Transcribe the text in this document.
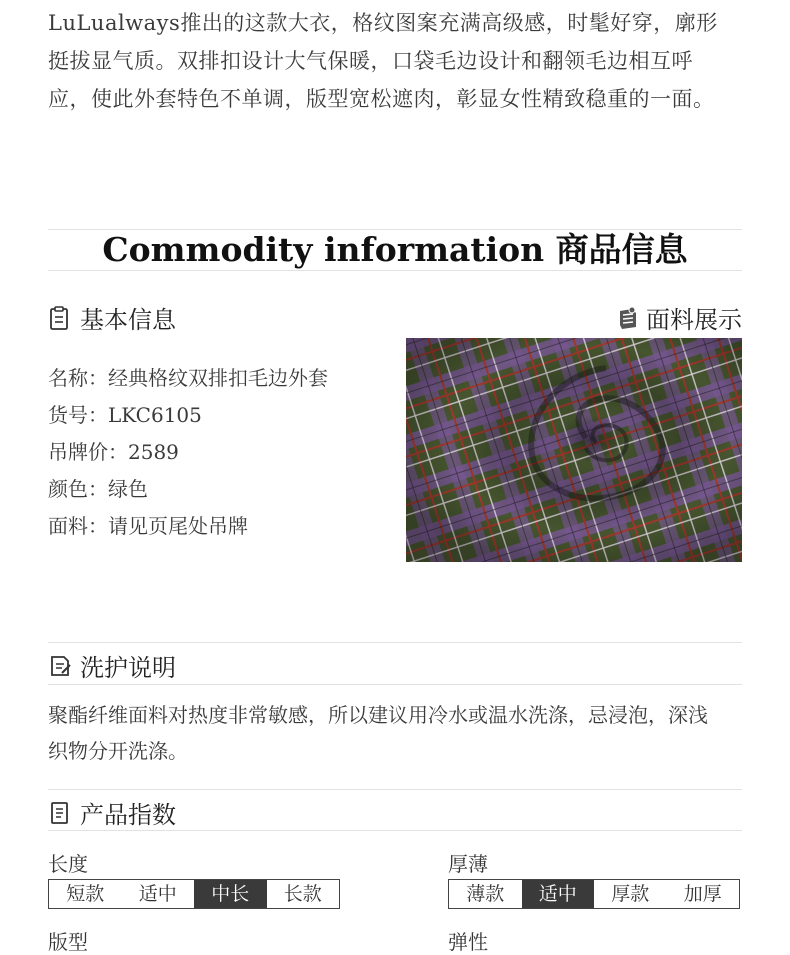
LuLualways推出的这款大衣，格纹图案充满高级感，时髦好穿，廓形
挺拔显气质。双排扣设计大气保暖，口袋毛边设计和翻领毛边相互呼
应，使此外套特色不单调，版型宽松遮肉，彰显女性精致稳重的一面。
Commodity information 商品信息
基本信息	面料展示
名称：经典格纹双排扣毛边外套
货号：LKC6105
吊牌价：2589
颜色：绿色
面料：请见页尾处吊牌
洗护说明
聚酯纤维面料对热度非常敏感，所以建议用冷水或温水洗涤，忌浸泡，深浅
织物分开洗涤。
产品指数
长度
短款	适中	中长	长款
厚薄
薄款	适中	厚款	加厚
版型	弹性
